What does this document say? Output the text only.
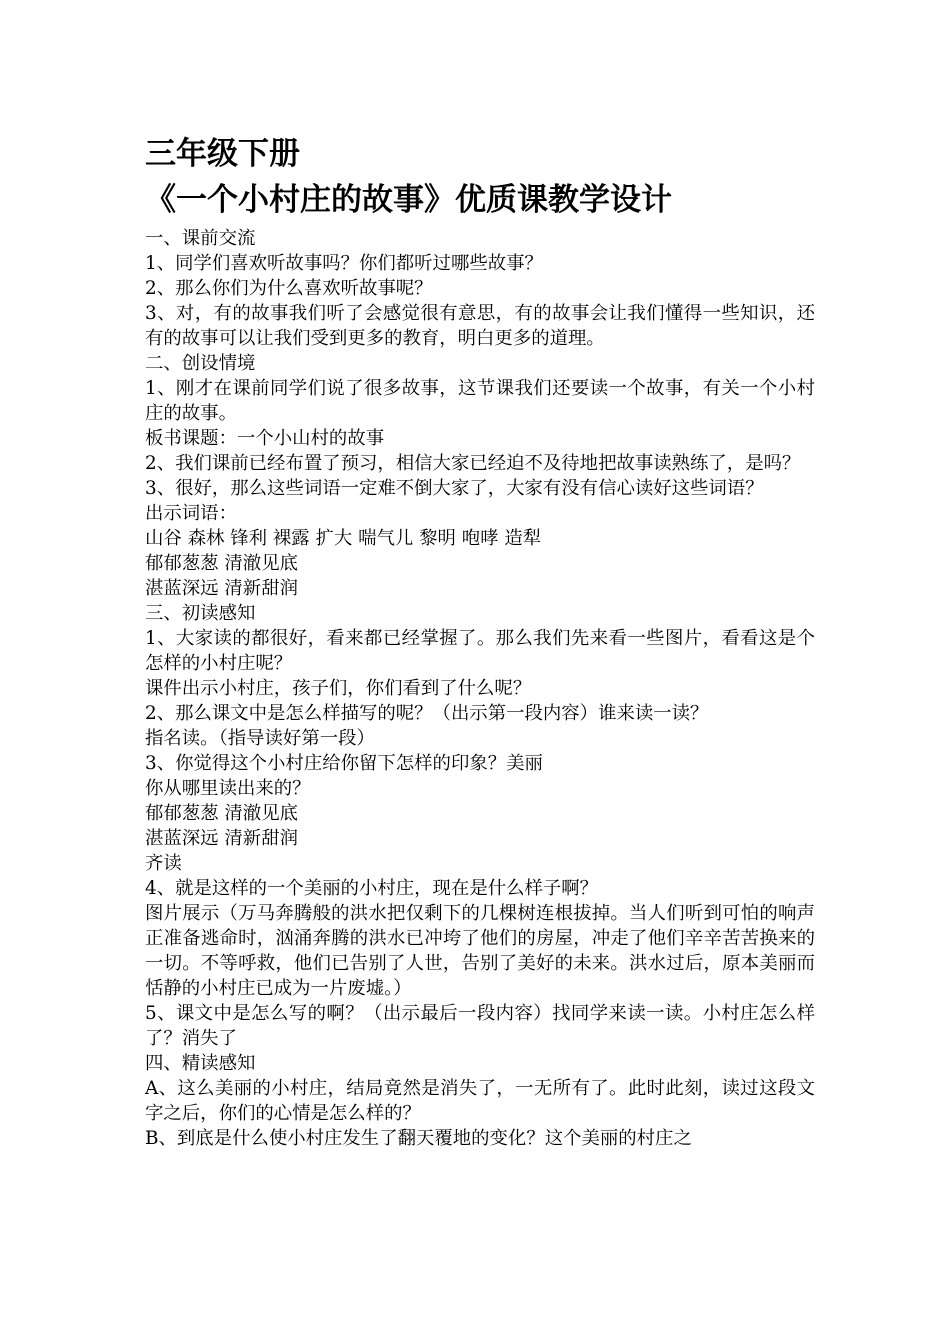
三年级下册
《一个小村庄的故事》优质课教学设计

一、课前交流

1、同学们喜欢听故事吗？你们都听过哪些故事？

2、那么你们为什么喜欢听故事呢？

3、对，有的故事我们听了会感觉很有意思，有的故事会让我们懂得一些知识，还有的故事可以让我们受到更多的教育，明白更多的道理。

二、创设情境

1、刚才在课前同学们说了很多故事，这节课我们还要读一个故事，有关一个小村庄的故事。

板书课题：一个小山村的故事

2、我们课前已经布置了预习，相信大家已经迫不及待地把故事读熟练了，是吗？

3、很好，那么这些词语一定难不倒大家了，大家有没有信心读好这些词语？

出示词语：

山谷 森林 锋利 裸露 扩大 喘气儿 黎明 咆哮 造犁

郁郁葱葱 清澈见底

湛蓝深远 清新甜润

三、初读感知

1、大家读的都很好，看来都已经掌握了。那么我们先来看一些图片，看看这是个怎样的小村庄呢？

课件出示小村庄，孩子们，你们看到了什么呢？

2、那么课文中是怎么样描写的呢？（出示第一段内容）谁来读一读？

指名读。（指导读好第一段）

3、你觉得这个小村庄给你留下怎样的印象？美丽

你从哪里读出来的？

郁郁葱葱 清澈见底

湛蓝深远 清新甜润

齐读

4、就是这样的一个美丽的小村庄，现在是什么样子啊？

图片展示（万马奔腾般的洪水把仅剩下的几棵树连根拔掉。当人们听到可怕的响声正准备逃命时，汹涌奔腾的洪水已冲垮了他们的房屋，冲走了他们辛辛苦苦换来的一切。不等呼救，他们已告别了人世，告别了美好的未来。洪水过后，原本美丽而恬静的小村庄已成为一片废墟。）

5、课文中是怎么写的啊？（出示最后一段内容）找同学来读一读。小村庄怎么样了？消失了

四、精读感知

A、这么美丽的小村庄，结局竟然是消失了，一无所有了。此时此刻，读过这段文字之后，你们的心情是怎么样的？

B、到底是什么使小村庄发生了翻天覆地的变化？这个美丽的村庄之
